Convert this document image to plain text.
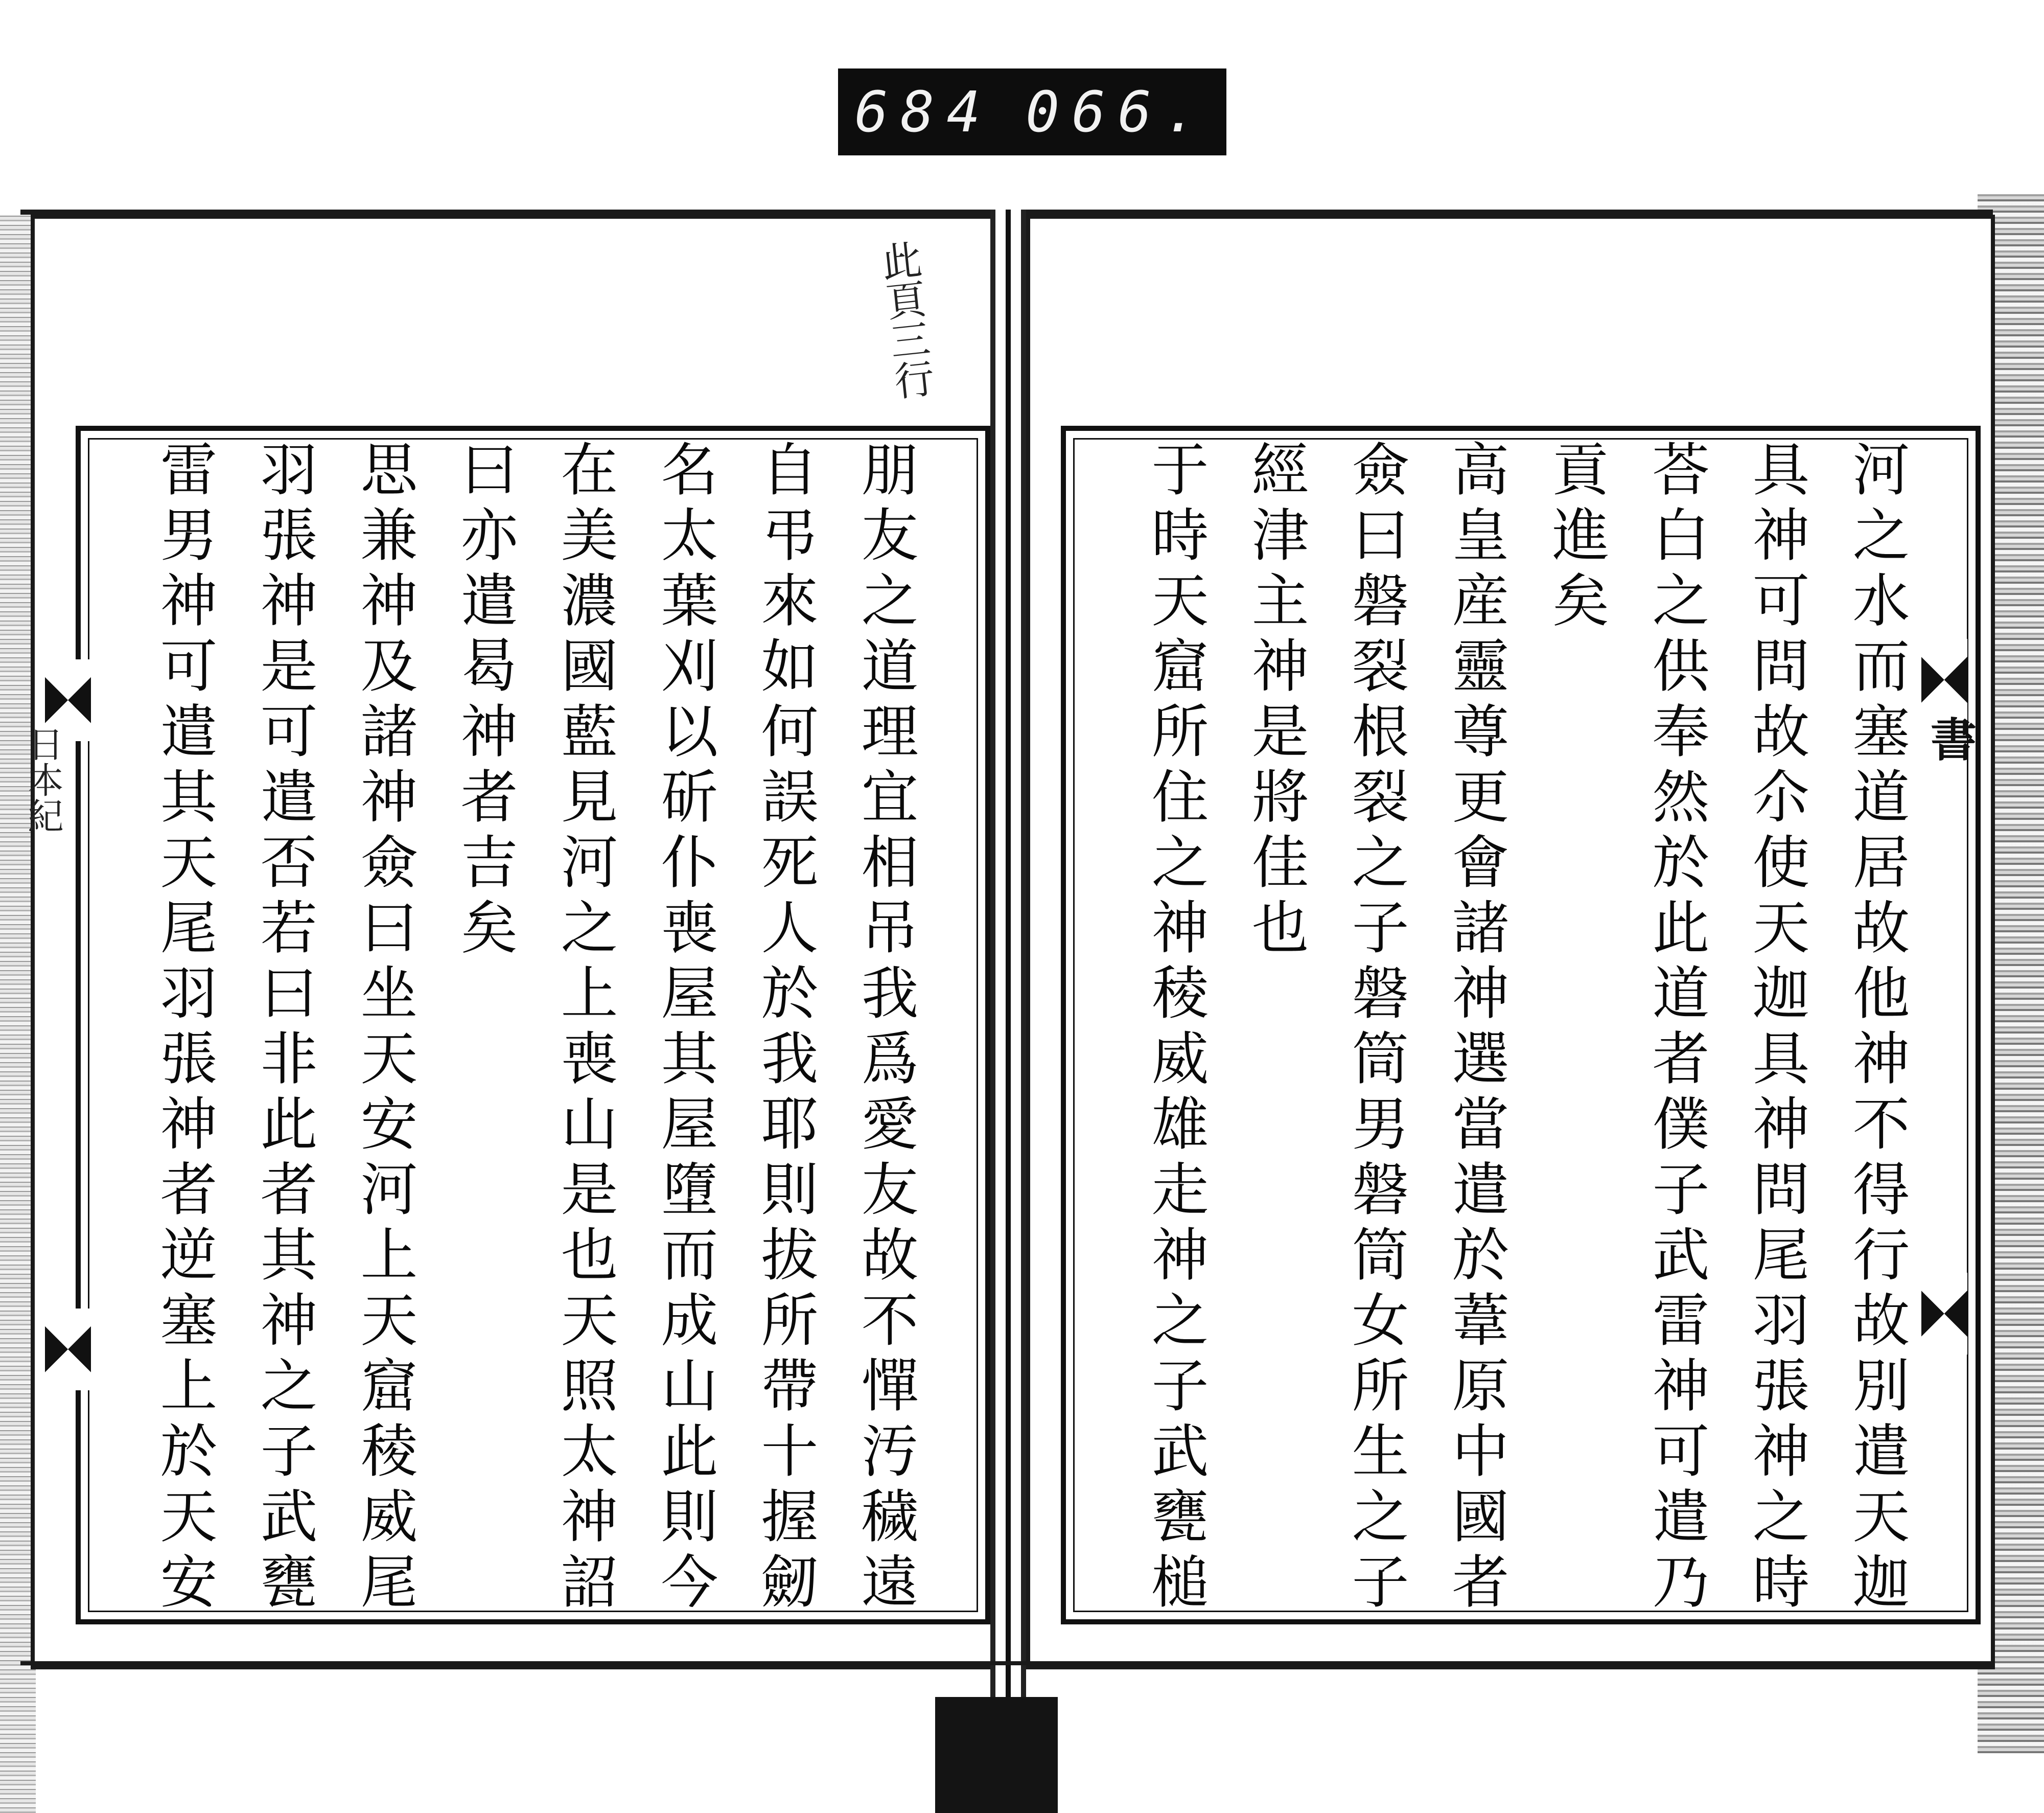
684 066.
日本紀	書
此頁三行
河之水而塞道居故他神不得行故別遣天迦
具神可問故尒使天迦具神問尾羽張神之時
荅白之供奉然於此道者僕子武雷神可遣乃
貢進矣
高皇産靈尊更會諸神選當遣於葦原中國者
僉曰磐裂根裂之子磐筒男磐筒女所生之子
經津主神是將佳也
于時天窟所住之神稜威雄走神之子武甕槌
朋友之道理宜相吊我爲愛友故不憚汚穢遠
自弔來如何誤死人於我耶則拔所帶十握劒
名太葉刈以斫仆喪屋其屋墮而成山此則今
在美濃國藍見河之上喪山是也天照太神詔
曰亦遣曷神者吉矣
思兼神及諸神僉曰坐天安河上天窟稜威尾
羽張神是可遣否若曰非此者其神之子武甕
雷男神可遣其天尾羽張神者逆塞上於天安
